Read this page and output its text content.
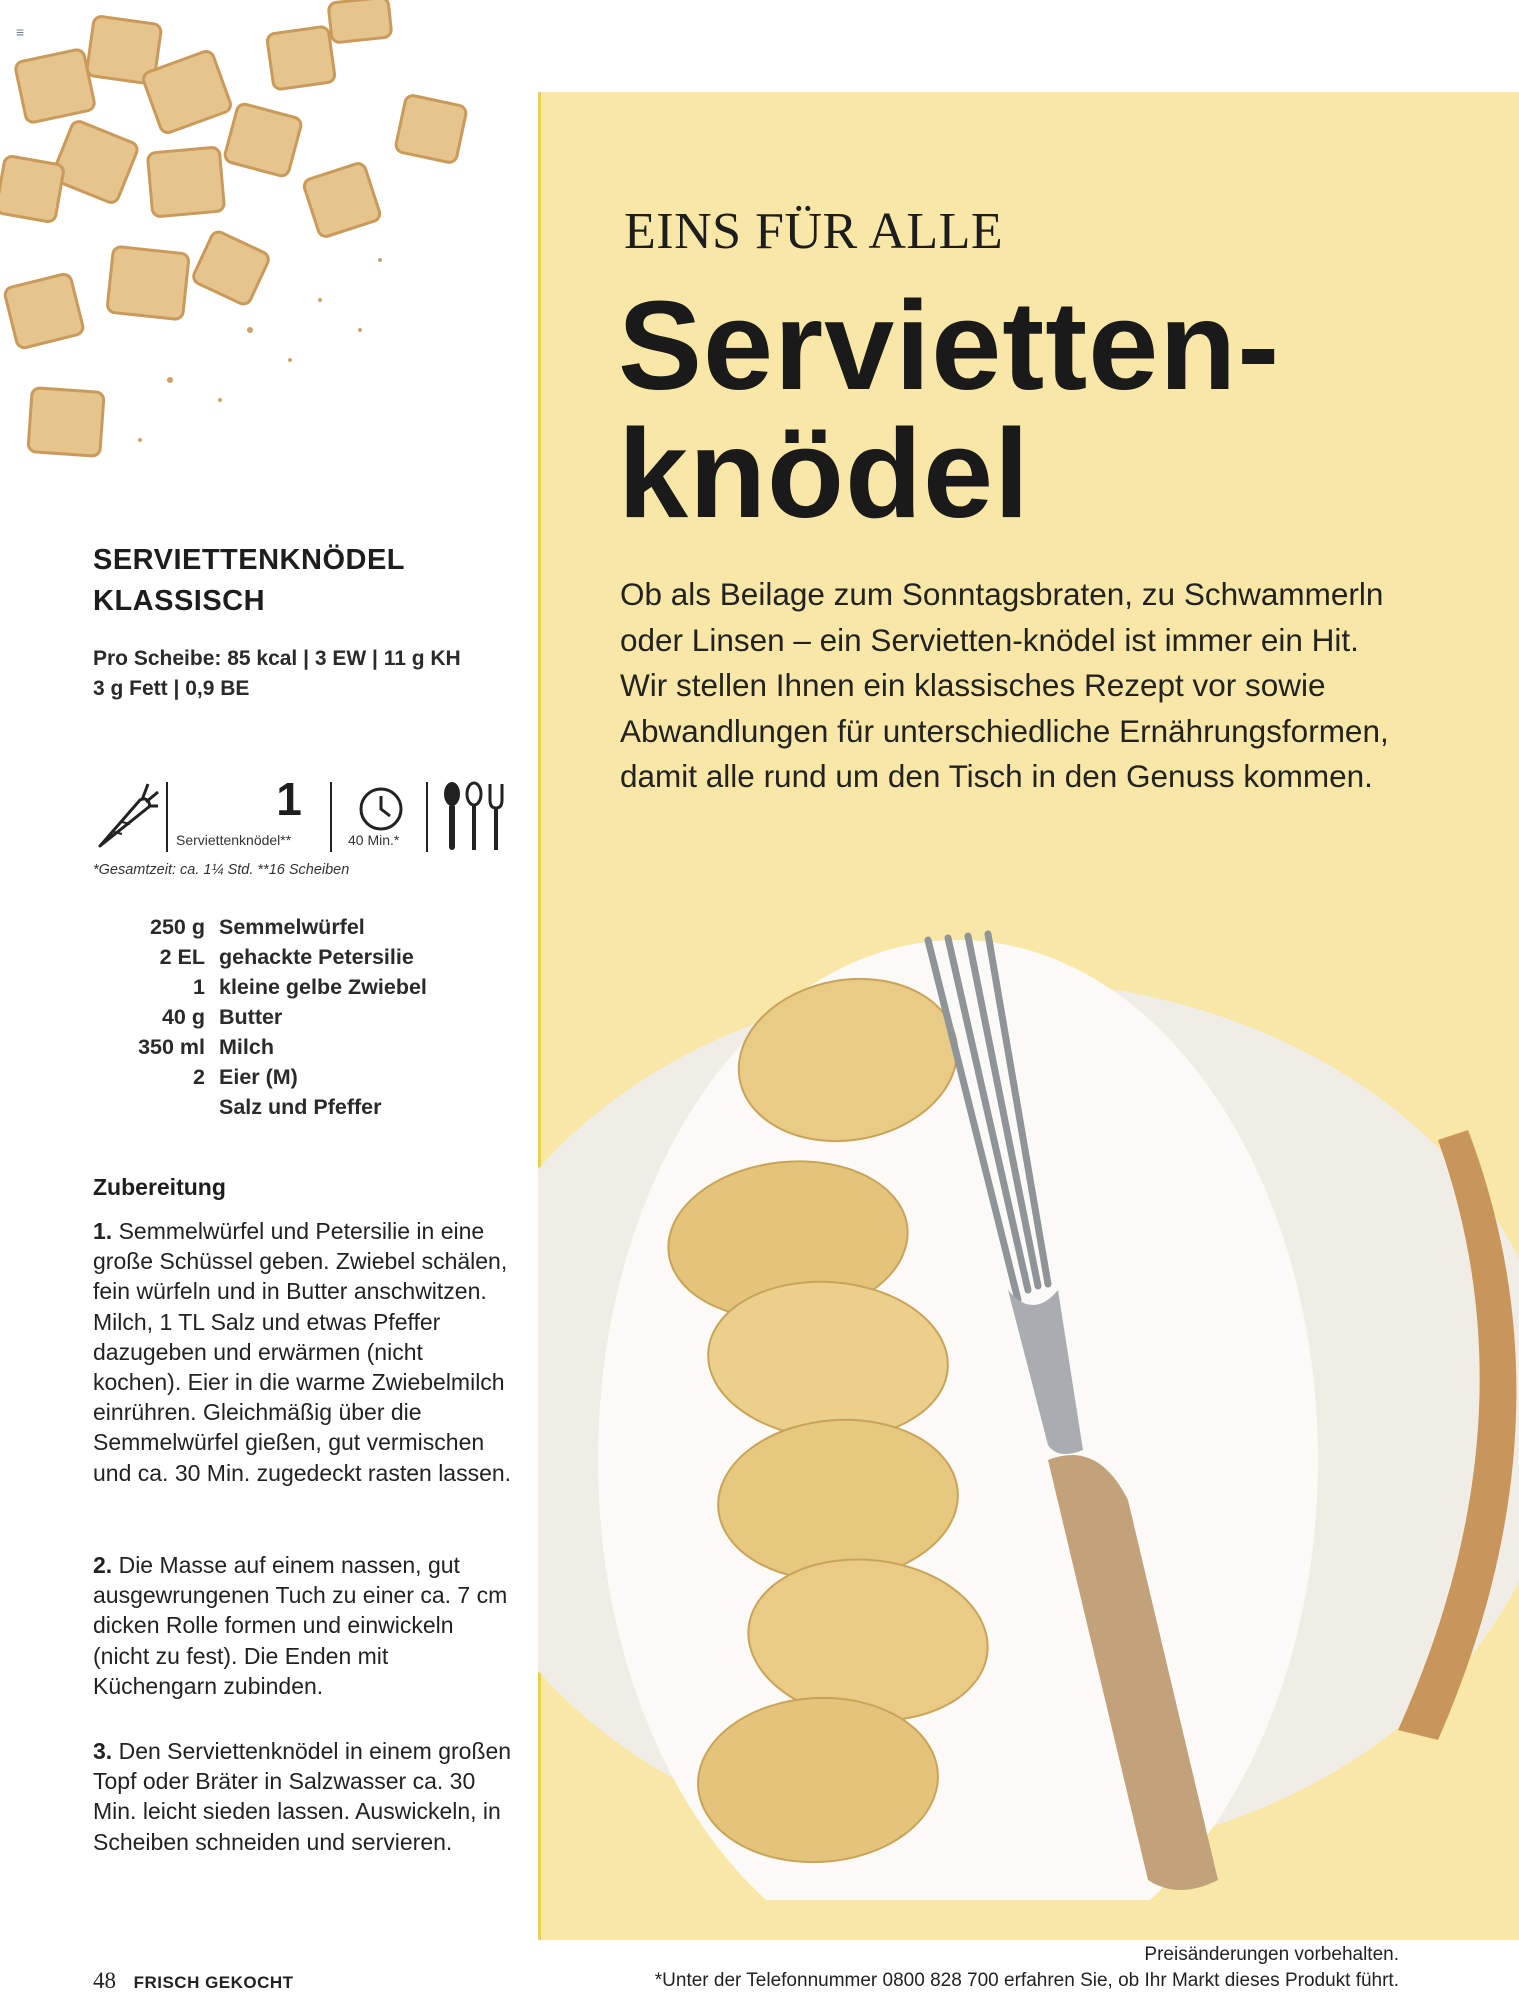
≡
EINS FÜR ALLE
Servietten-
knödel

Ob als Beilage zum Sonntagsbraten, zu Schwammerln oder Linsen – ein Servietten-knödel ist immer ein Hit. Wir stellen Ihnen ein klassisches Rezept vor sowie Abwandlungen für unterschiedliche Ernährungsformen, damit alle rund um den Tisch in den Genuss kommen.

SERVIETTENKNÖDEL
KLASSISCH

Pro Scheibe: 85 kcal | 3 EW | 11 g KH
3 g Fett | 0,9 BE

1
Serviettenknödel**	40 Min.*
*Gesamtzeit: ca. 1¼ Std. **16 Scheiben
250 g Semmelwürfel
2 EL gehackte Petersilie
1 kleine gelbe Zwiebel
40 g Butter
350 ml Milch
2 Eier (M)
Salz und Pfeffer
Zubereitung

1. Semmelwürfel und Petersilie in eine große Schüssel geben. Zwiebel schälen, fein würfeln und in Butter anschwitzen. Milch, 1 TL Salz und etwas Pfeffer dazugeben und erwärmen (nicht kochen). Eier in die warme Zwiebelmilch einrühren. Gleichmäßig über die Semmelwürfel gießen, gut vermischen und ca. 30 Min. zugedeckt rasten lassen.

2. Die Masse auf einem nassen, gut ausgewrungenen Tuch zu einer ca. 7 cm dicken Rolle formen und einwickeln (nicht zu fest). Die Enden mit Küchengarn zubinden.

3. Den Serviettenknödel in einem großen Topf oder Bräter in Salzwasser ca. 30 Min. leicht sieden lassen. Auswickeln, in Scheiben schneiden und servieren.

48 FRISCH GEKOCHT
Preisänderungen vorbehalten.
*Unter der Telefonnummer 0800 828 700 erfahren Sie, ob Ihr Markt dieses Produkt führt.
